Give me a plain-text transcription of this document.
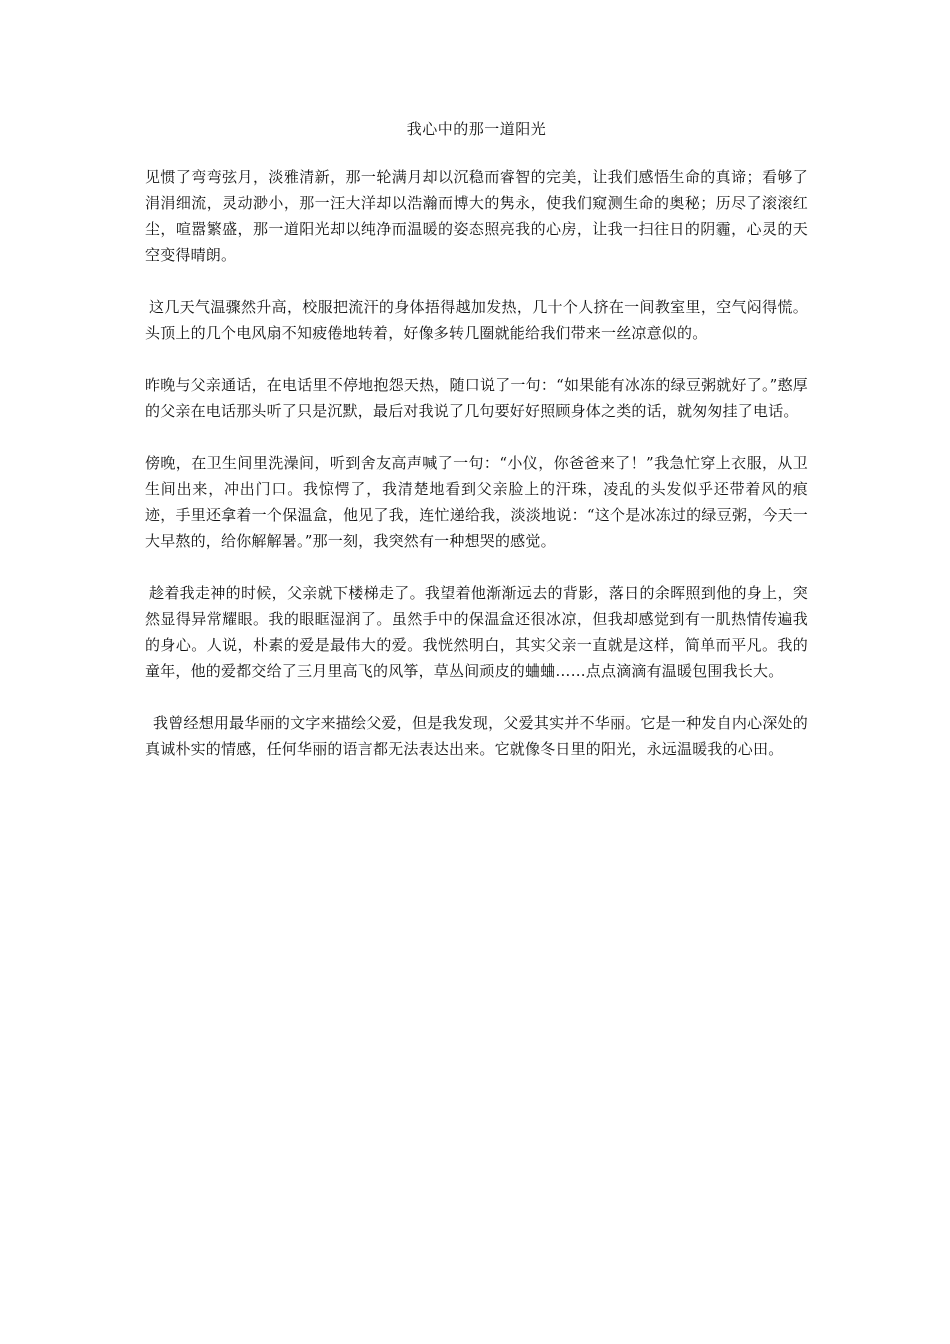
我心中的那一道阳光

见惯了弯弯弦月，淡雅清新，那一轮满月却以沉稳而睿智的完美，让我们感悟生命的真谛；看够了涓涓细流，灵动渺小，那一汪大洋却以浩瀚而博大的隽永，使我们窥测生命的奥秘；历尽了滚滚红尘，喧嚣繁盛，那一道阳光却以纯净而温暖的姿态照亮我的心房，让我一扫往日的阴霾，心灵的天空变得晴朗。

这几天气温骤然升高，校服把流汗的身体捂得越加发热，几十个人挤在一间教室里，空气闷得慌。头顶上的几个电风扇不知疲倦地转着，好像多转几圈就能给我们带来一丝凉意似的。

昨晚与父亲通话，在电话里不停地抱怨天热，随口说了一句：“如果能有冰冻的绿豆粥就好了。”憨厚的父亲在电话那头听了只是沉默，最后对我说了几句要好好照顾身体之类的话，就匆匆挂了电话。

傍晚，在卫生间里洗澡间，听到舍友高声喊了一句：“小仪，你爸爸来了！”我急忙穿上衣服，从卫生间出来，冲出门口。我惊愕了，我清楚地看到父亲脸上的汗珠，凌乱的头发似乎还带着风的痕迹，手里还拿着一个保温盒，他见了我，连忙递给我，淡淡地说：“这个是冰冻过的绿豆粥，今天一大早熬的，给你解解暑。”那一刻，我突然有一种想哭的感觉。

趁着我走神的时候，父亲就下楼梯走了。我望着他渐渐远去的背影，落日的余晖照到他的身上，突然显得异常耀眼。我的眼眶湿润了。虽然手中的保温盒还很冰凉，但我却感觉到有一肌热情传遍我的身心。人说，朴素的爱是最伟大的爱。我恍然明白，其实父亲一直就是这样，简单而平凡。我的童年，他的爱都交给了三月里高飞的风筝，草丛间顽皮的蛐蛐……点点滴滴有温暖包围我长大。

我曾经想用最华丽的文字来描绘父爱，但是我发现，父爱其实并不华丽。它是一种发自内心深处的真诚朴实的情感，任何华丽的语言都无法表达出来。它就像冬日里的阳光，永远温暖我的心田。
